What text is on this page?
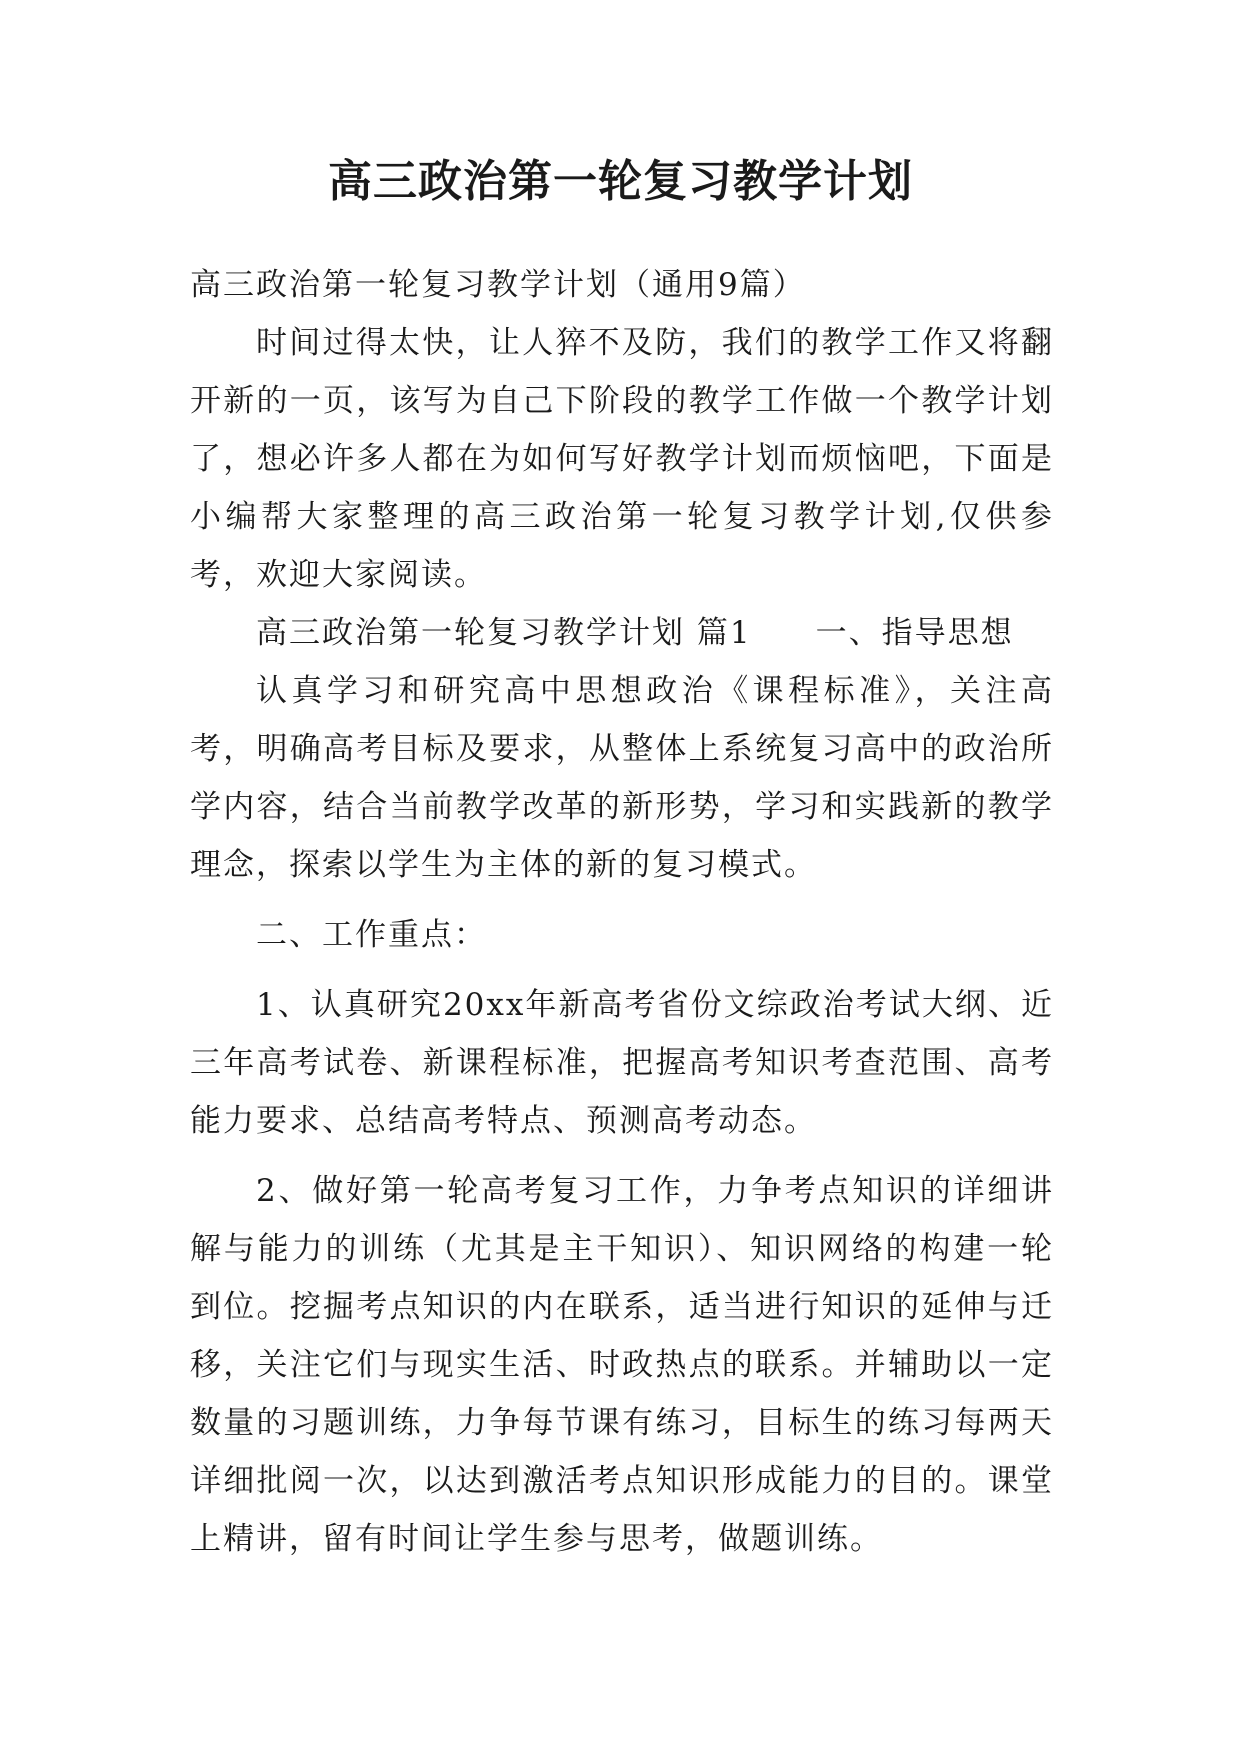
高三政治第一轮复习教学计划

高三政治第一轮复习教学计划（通用9篇）

时间过得太快，让人猝不及防，我们的教学工作又将翻开新的一页，该写为自己下阶段的教学工作做一个教学计划了，想必许多人都在为如何写好教学计划而烦恼吧，下面是小编帮大家整理的高三政治第一轮复习教学计划,仅供参考，欢迎大家阅读。

高三政治第一轮复习教学计划 篇1 一、指导思想

认真学习和研究高中思想政治《课程标准》，关注高考，明确高考目标及要求，从整体上系统复习高中的政治所学内容，结合当前教学改革的新形势，学习和实践新的教学理念，探索以学生为主体的新的复习模式。

二、工作重点：

1、认真研究20xx年新高考省份文综政治考试大纲、近三年高考试卷、新课程标准，把握高考知识考查范围、高考能力要求、总结高考特点、预测高考动态。

2、做好第一轮高考复习工作，力争考点知识的详细讲解与能力的训练（尤其是主干知识）、知识网络的构建一轮到位。挖掘考点知识的内在联系，适当进行知识的延伸与迁移，关注它们与现实生活、时政热点的联系。并辅助以一定数量的习题训练，力争每节课有练习，目标生的练习每两天详细批阅一次，以达到激活考点知识形成能力的目的。课堂上精讲，留有时间让学生参与思考，做题训练。
